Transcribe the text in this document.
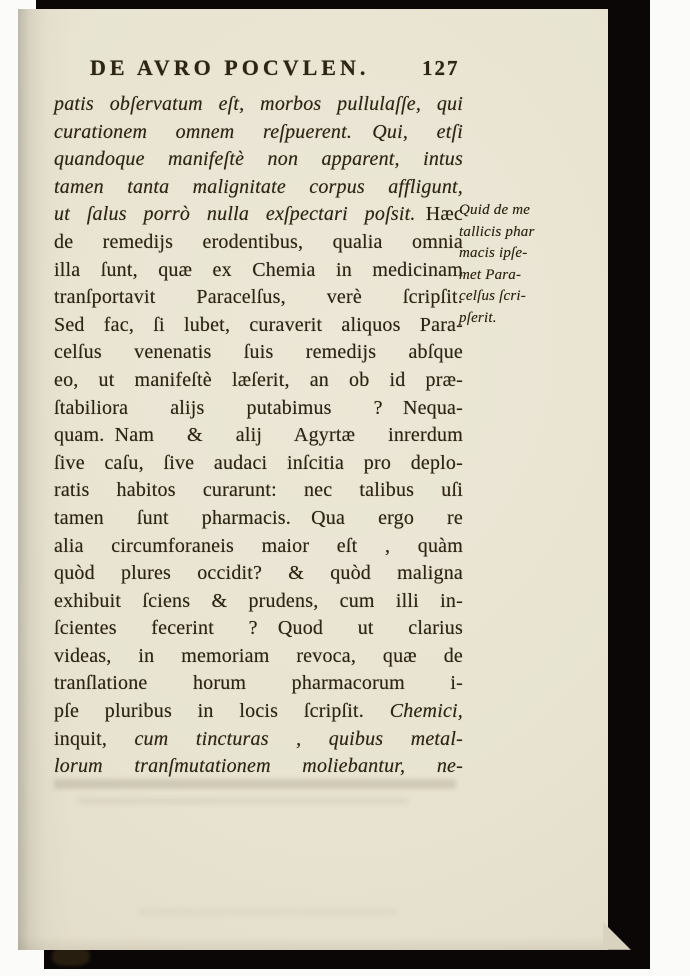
DE AVRO POCVLEN.	127
patis obſervatum eſt, morbos pullulaſſe, qui
curationem omnem reſpuerent. Qui, etſi
quandoque manifeſtè non apparent, intus
tamen tanta malignitate corpus affligunt,
ut ſalus porrò nulla exſpectari poſsit. Hæc
de remedijs erodentibus, qualia omnia
illa ſunt, quæ ex Chemia in medicinam
tranſportavit Paracelſus, verè ſcripſit.
Sed fac, ſi lubet, curaverit aliquos Para-
celſus venenatis ſuis remedijs abſque
eo, ut manifeſtè læſerit, an ob id præ-
ſtabiliora alijs putabimus ? Nequa-
quam. Nam & alij Agyrtæ inrerdum
ſive caſu, ſive audaci inſcitia pro deplo-
ratis habitos curarunt: nec talibus uſi
tamen ſunt pharmacis. Qua ergo re
alia circumforaneis maior eſt , quàm
quòd plures occidit? & quòd maligna
exhibuit ſciens & prudens, cum illi in-
ſcientes fecerint ? Quod ut clarius
videas, in memoriam revoca, quæ de
tranſlatione horum pharmacorum i-
pſe pluribus in locis ſcripſit. Chemici,
inquit, cum tincturas , quibus metal-
lorum tranſmutationem moliebantur, ne-
Quid de me
tallicis phar
macis ipſe-
met Para-
celſus ſcri-
pſerit.
